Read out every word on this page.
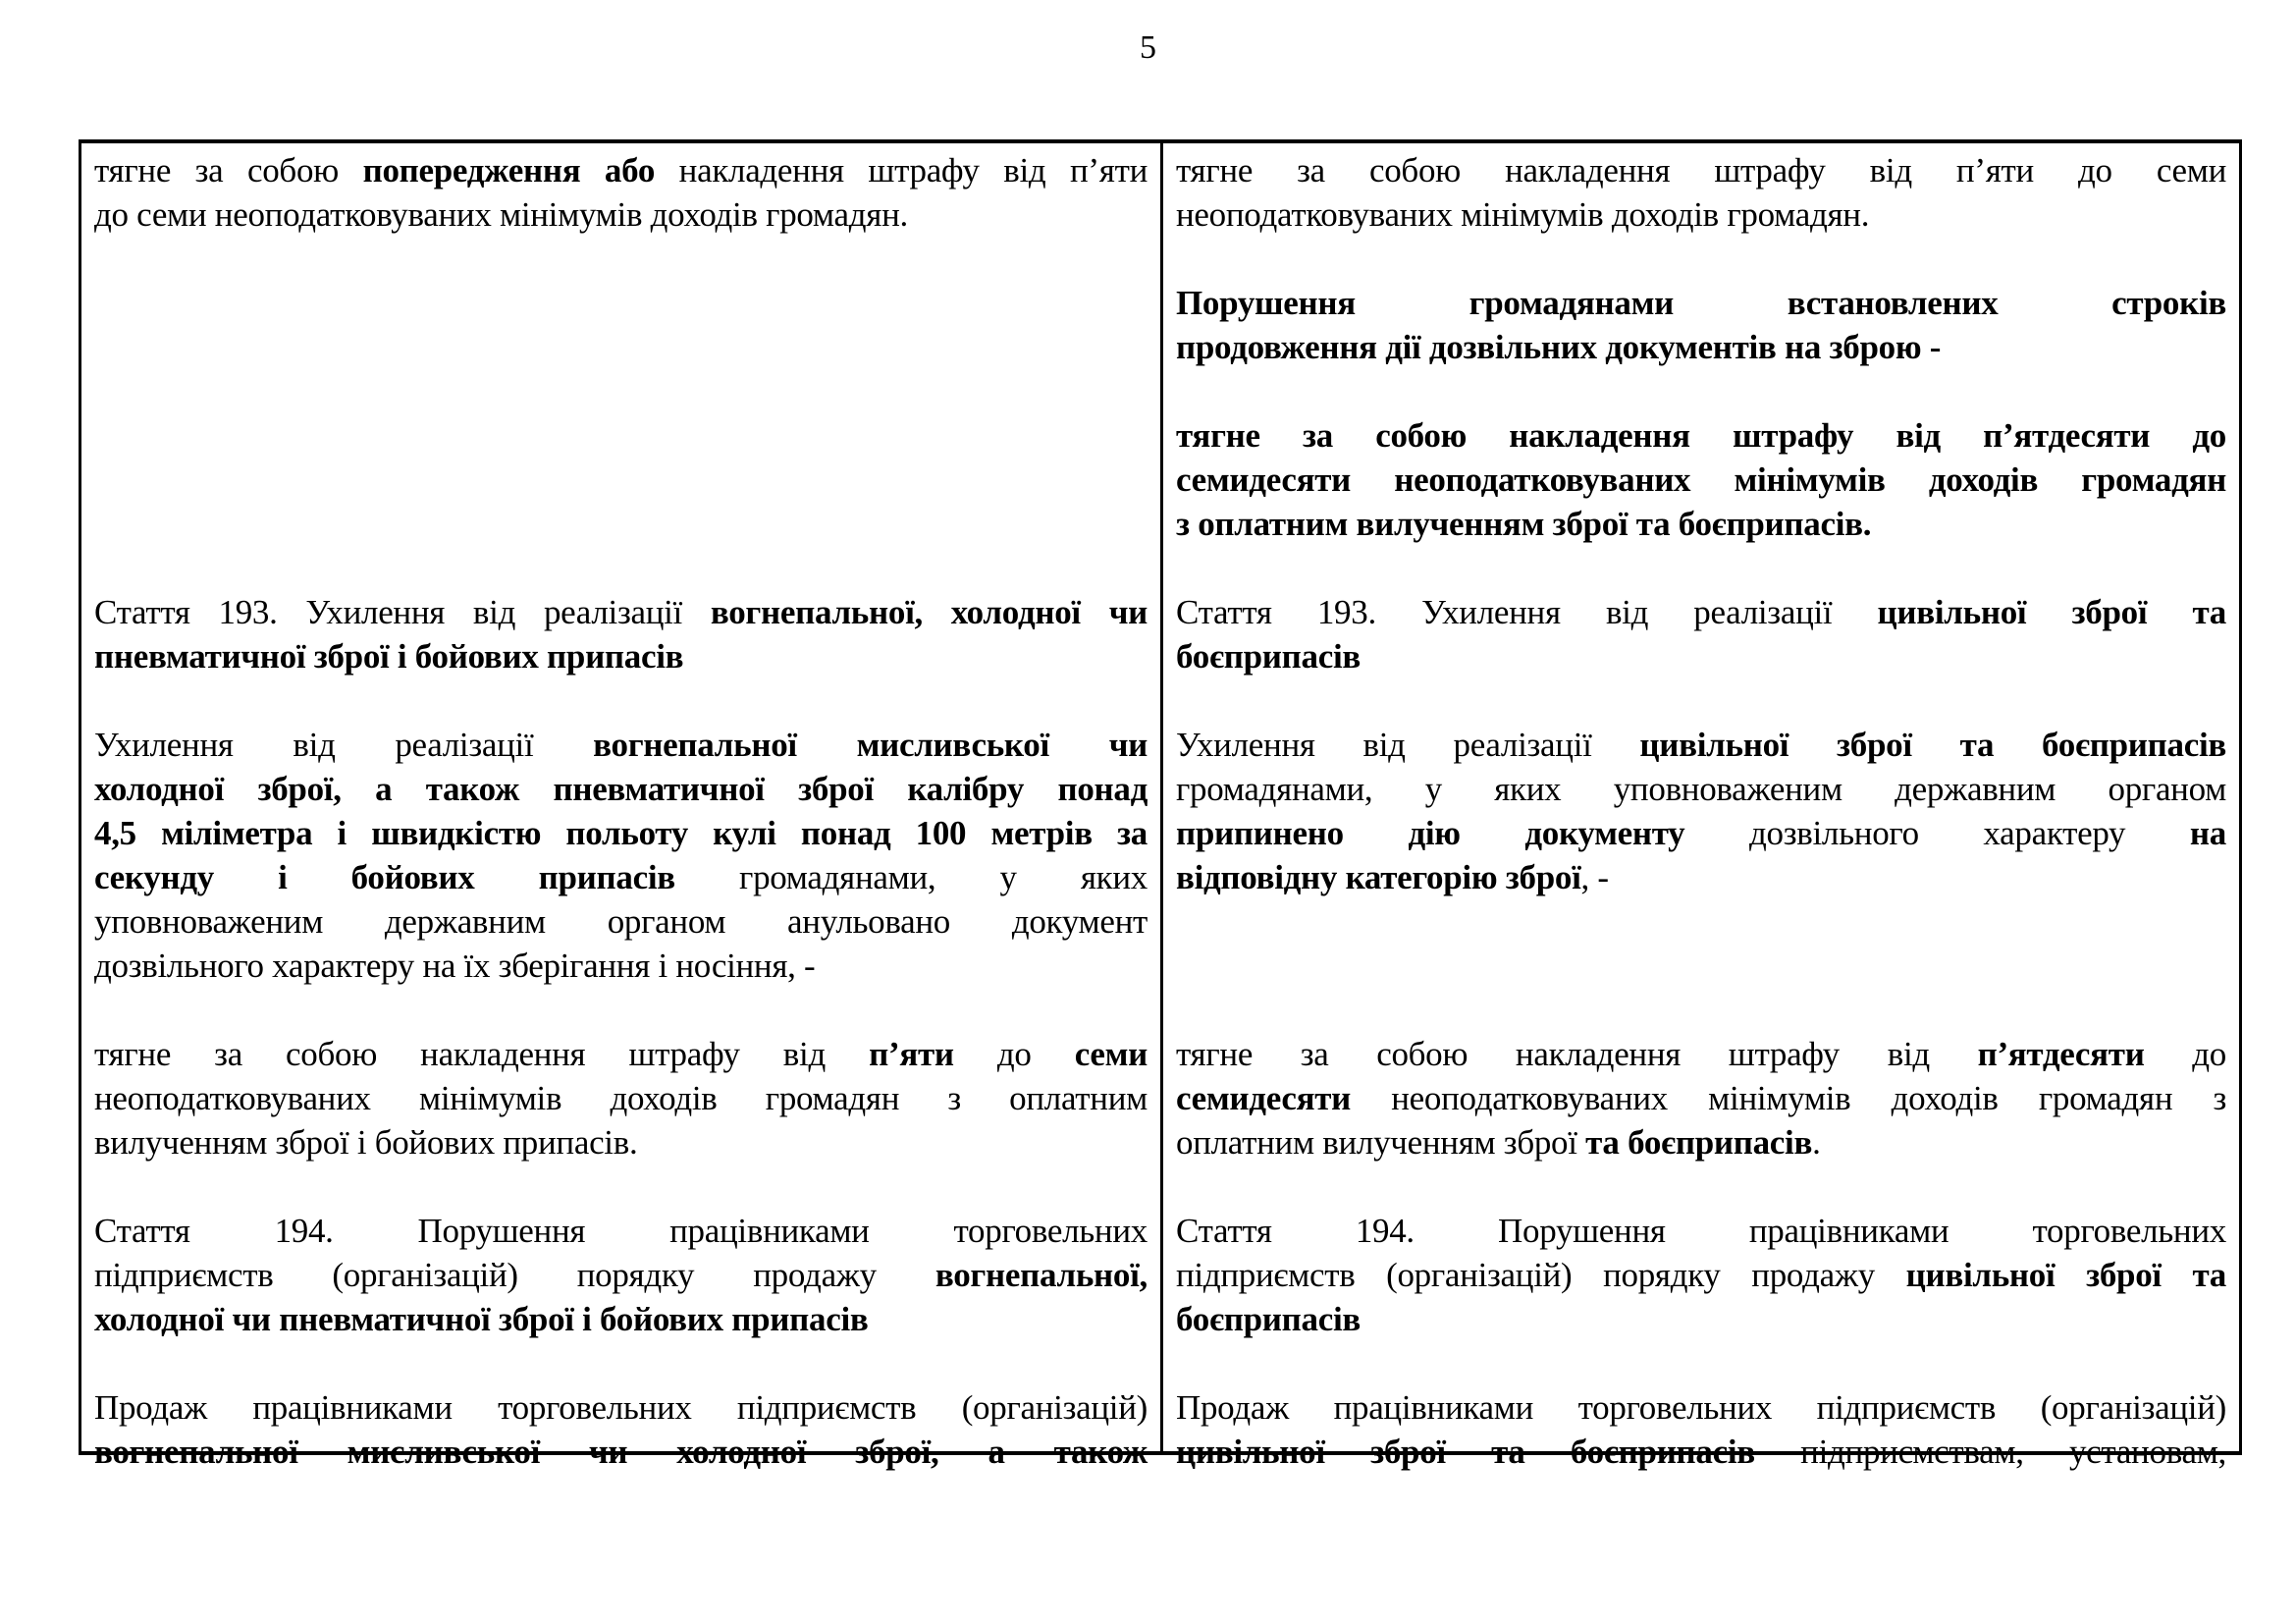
5
тягне за собою попередження або накладення штрафу від п’яти
до семи неоподатковуваних мінімумів доходів громадян.
Стаття 193. Ухилення від реалізації вогнепальної, холодної чи
пневматичної зброї і бойових припасів
Ухилення від реалізації вогнепальної мисливської чи
холодної зброї, а також пневматичної зброї калібру понад
4,5 міліметра і швидкістю польоту кулі понад 100 метрів за
секунду і бойових припасів громадянами, у яких
уповноваженим державним органом анульовано документ
дозвільного характеру на їх зберігання і носіння, -
тягне за собою накладення штрафу від п’яти до семи
неоподатковуваних мінімумів доходів громадян з оплатним
вилученням зброї і бойових припасів.
Стаття 194. Порушення працівниками торговельних
підприємств (організацій) порядку продажу вогнепальної,
холодної чи пневматичної зброї і бойових припасів
Продаж працівниками торговельних підприємств (організацій)
вогнепальної мисливської чи холодної зброї, а також
тягне за собою накладення штрафу від п’яти до семи
неоподатковуваних мінімумів доходів громадян.
Порушення громадянами встановлених строків
продовження дії дозвільних документів на зброю -
тягне за собою накладення штрафу від п’ятдесяти до
семидесяти неоподатковуваних мінімумів доходів громадян
з оплатним вилученням зброї та боєприпасів.
Стаття 193. Ухилення від реалізації цивільної зброї та
боєприпасів
Ухилення від реалізації цивільної зброї та боєприпасів
громадянами, у яких уповноваженим державним органом
припинено дію документу дозвільного характеру на
відповідну категорію зброї, -
тягне за собою накладення штрафу від п’ятдесяти до
семидесяти неоподатковуваних мінімумів доходів громадян з
оплатним вилученням зброї та боєприпасів.
Стаття 194. Порушення працівниками торговельних
підприємств (організацій) порядку продажу цивільної зброї та
боєприпасів
Продаж працівниками торговельних підприємств (організацій)
цивільної зброї та боєприпасів підприємствам, установам,
